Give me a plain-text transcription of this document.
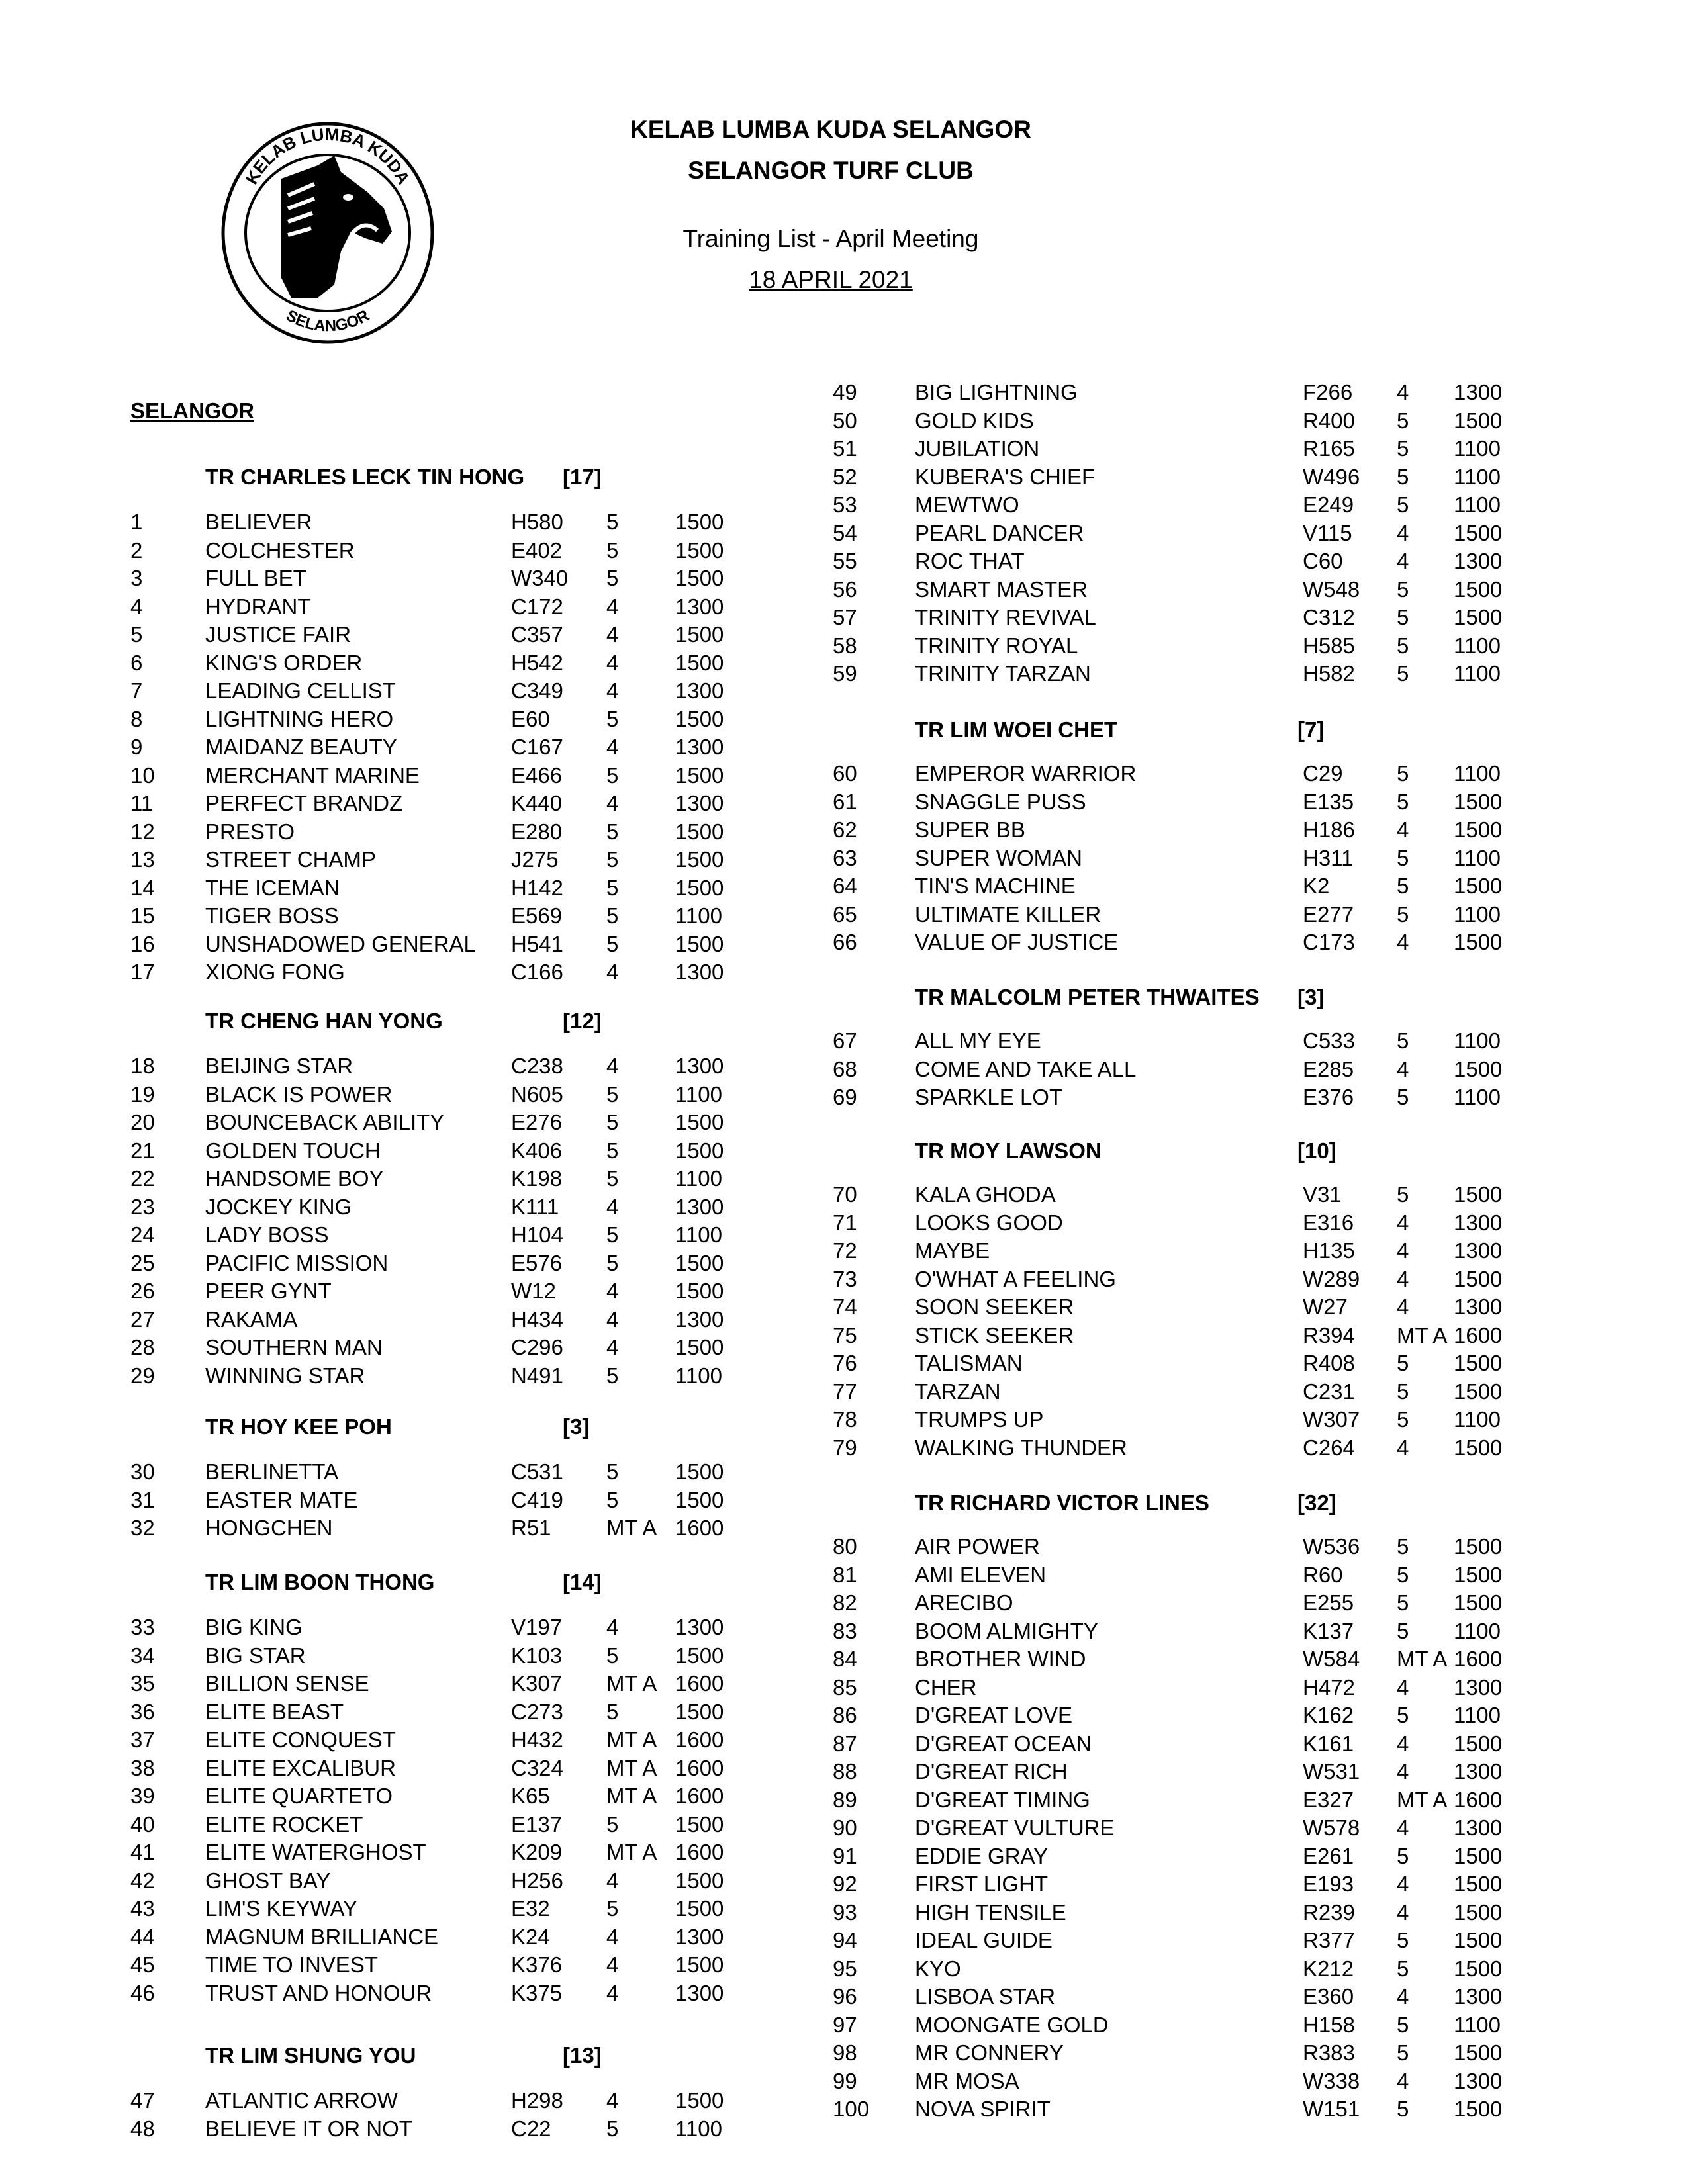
KELAB LUMBA KUDA
SELANGOR
KELAB LUMBA KUDA SELANGOR
SELANGOR TURF CLUB
Training List - April Meeting
18 APRIL 2021
SELANGOR
TR CHARLES LECK TIN HONG [17]
1	BELIEVER	H580 5	1500
2	COLCHESTER	E402 5	1500
3	FULL BET	W340 5	1500
4	HYDRANT	C172 4	1300
5	JUSTICE FAIR	C357 4	1500
6	KING'S ORDER	H542 4	1500
7	LEADING CELLIST	C349 4	1300
8	LIGHTNING HERO	E60	5	1500
9	MAIDANZ BEAUTY	C167 4	1300
10 MERCHANT MARINE	E466 5	1500
11 PERFECT BRANDZ	K440 4	1300
12 PRESTO	E280 5	1500
13 STREET CHAMP	J275 5	1500
14 THE ICEMAN	H142 5	1500
15 TIGER BOSS	E569 5	1100
16 UNSHADOWED GENERAL H541 5	1500
17 XIONG FONG	C166 4	1300
TR CHENG HAN YONG	[12]
18 BEIJING STAR	C238 4	1300
19 BLACK IS POWER	N605 5	1100
20 BOUNCEBACK ABILITY	E276 5	1500
21 GOLDEN TOUCH	K406 5	1500
22 HANDSOME BOY	K198 5	1100
23 JOCKEY KING	K111 4	1300
24 LADY BOSS	H104 5	1100
25 PACIFIC MISSION	E576 5	1500
26 PEER GYNT	W12 4	1500
27 RAKAMA	H434 4	1300
28 SOUTHERN MAN	C296 4	1500
29 WINNING STAR	N491 5	1100
TR HOY KEE POH	[3]
30 BERLINETTA	C531 5	1500
31 EASTER MATE	C419 5	1500
32 HONGCHEN	R51	MT A 1600
TR LIM BOON THONG	[14]
33 BIG KING	V197 4	1300
34 BIG STAR	K103 5	1500
35 BILLION SENSE	K307 MT A 1600
36 ELITE BEAST	C273 5	1500
37 ELITE CONQUEST	H432 MT A 1600
38 ELITE EXCALIBUR	C324 MT A 1600
39 ELITE QUARTETO	K65	MT A 1600
40 ELITE ROCKET	E137 5	1500
41 ELITE WATERGHOST	K209 MT A 1600
42 GHOST BAY	H256 4	1500
43 LIM'S KEYWAY	E32	5	1500
44 MAGNUM BRILLIANCE	K24	4	1300
45 TIME TO INVEST	K376 4	1500
46 TRUST AND HONOUR	K375 4	1300
TR LIM SHUNG YOU	[13]
47 ATLANTIC ARROW	H298 4	1500
48 BELIEVE IT OR NOT	C22	5	1100
49	BIG LIGHTNING	F266 4 1300
50	GOLD KIDS	R400 5 1500
51	JUBILATION	R165 5 1100
52	KUBERA'S CHIEF	W496 5 1100
53	MEWTWO	E249 5 1100
54	PEARL DANCER	V115 4 1500
55	ROC THAT	C60 4 1300
56	SMART MASTER	W548 5 1500
57	TRINITY REVIVAL	C312 5 1500
58	TRINITY ROYAL	H585 5 1100
59	TRINITY TARZAN	H582 5 1100
TR LIM WOEI CHET	[7]
60	EMPEROR WARRIOR	C29 5 1100
61	SNAGGLE PUSS	E135 5 1500
62	SUPER BB	H186 4 1500
63	SUPER WOMAN	H311 5 1100
64	TIN'S MACHINE	K2	5 1500
65	ULTIMATE KILLER	E277 5 1100
66	VALUE OF JUSTICE	C173 4 1500
TR MALCOLM PETER THWAITES [3]
67	ALL MY EYE	C533 5 1100
68	COME AND TAKE ALL	E285 4 1500
69	SPARKLE LOT	E376 5 1100
TR MOY LAWSON	[10]
70	KALA GHODA	V31	5 1500
71	LOOKS GOOD	E316 4 1300
72	MAYBE	H135 4 1300
73	O'WHAT A FEELING	W289 4 1500
74	SOON SEEKER	W27 4 1300
75	STICK SEEKER	R394 MT A 1600
76	TALISMAN	R408 5 1500
77	TARZAN	C231 5 1500
78	TRUMPS UP	W307 5 1100
79	WALKING THUNDER	C264 4 1500
TR RICHARD VICTOR LINES	[32]
80	AIR POWER	W536 5 1500
81	AMI ELEVEN	R60 5 1500
82	ARECIBO	E255 5 1500
83	BOOM ALMIGHTY	K137 5 1100
84	BROTHER WIND	W584 MT A 1600
85	CHER	H472 4 1300
86	D'GREAT LOVE	K162 5 1100
87	D'GREAT OCEAN	K161 4 1500
88	D'GREAT RICH	W531 4 1300
89	D'GREAT TIMING	E327 MT A 1600
90	D'GREAT VULTURE	W578 4 1300
91	EDDIE GRAY	E261 5 1500
92	FIRST LIGHT	E193 4 1500
93	HIGH TENSILE	R239 4 1500
94	IDEAL GUIDE	R377 5 1500
95	KYO	K212 5 1500
96	LISBOA STAR	E360 4 1300
97	MOONGATE GOLD	H158 5 1100
98	MR CONNERY	R383 5 1500
99	MR MOSA	W338 4 1300
100 NOVA SPIRIT	W151 5 1500
